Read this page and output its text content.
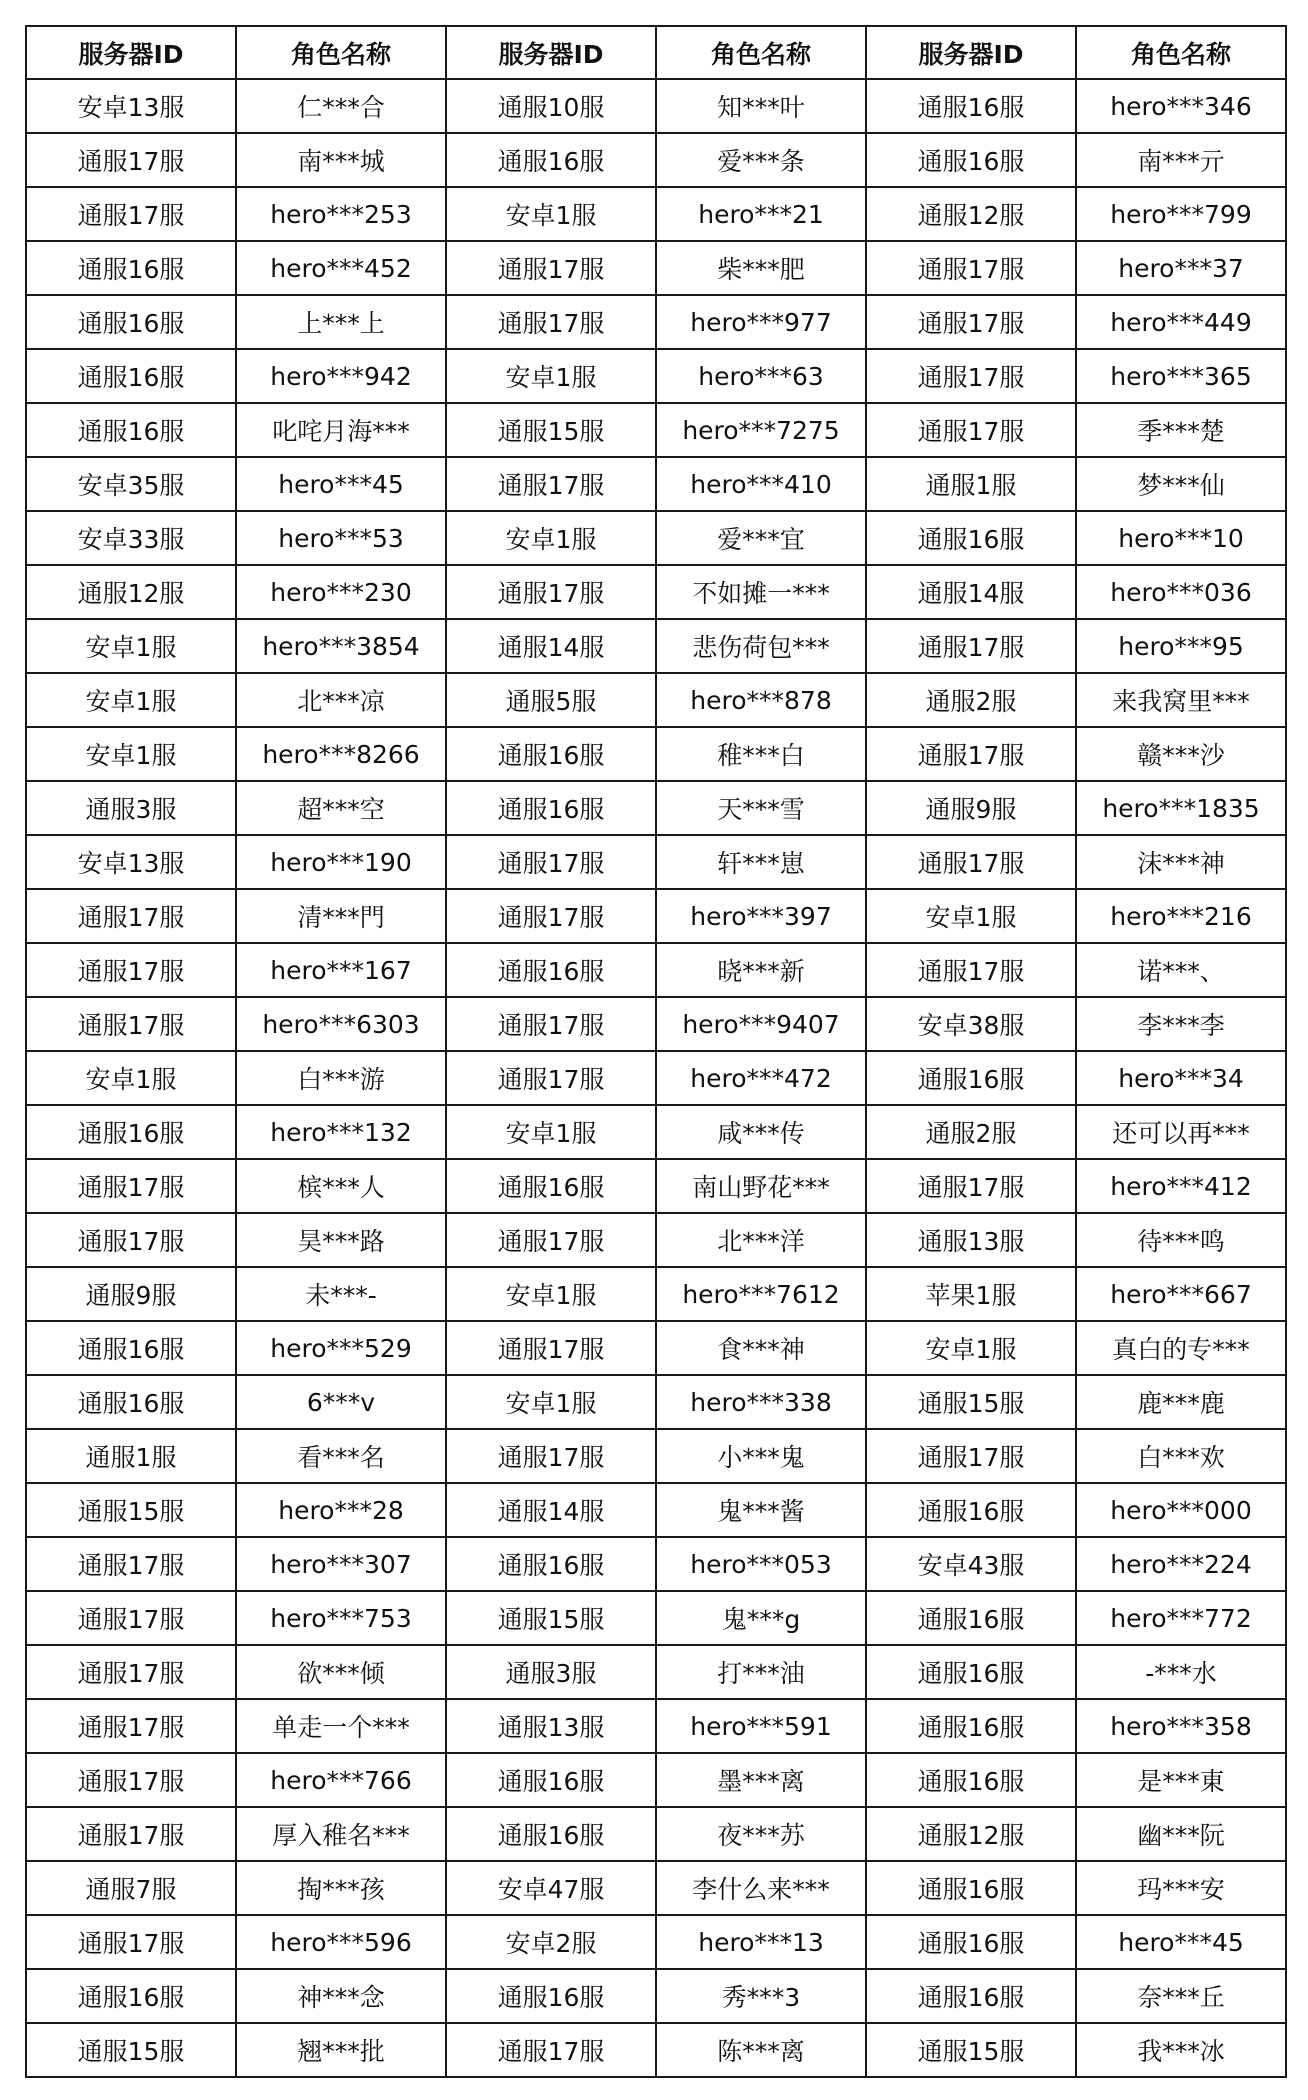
服务器ID	角色名称	服务器ID	角色名称	服务器ID	角色名称
安卓13服	仁***合	通服10服	知***叶	通服16服	hero***346
通服17服	南***城	通服16服	爱***条	通服16服	南***亓
通服17服	hero***253	安卓1服	hero***21	通服12服	hero***799
通服16服	hero***452	通服17服	柴***肥	通服17服	hero***37
通服16服	上***上	通服17服	hero***977	通服17服	hero***449
通服16服	hero***942	安卓1服	hero***63	通服17服	hero***365
通服16服	叱咤月海***	通服15服	hero***7275	通服17服	季***楚
安卓35服	hero***45	通服17服	hero***410	通服1服	梦***仙
安卓33服	hero***53	安卓1服	爱***宜	通服16服	hero***10
通服12服	hero***230	通服17服	不如摊一***	通服14服	hero***036
安卓1服	hero***3854	通服14服	悲伤荷包***	通服17服	hero***95
安卓1服	北***凉	通服5服	hero***878	通服2服	来我窝里***
安卓1服	hero***8266	通服16服	稚***白	通服17服	赣***沙
通服3服	超***空	通服16服	天***雪	通服9服	hero***1835
安卓13服	hero***190	通服17服	轩***崽	通服17服	沫***神
通服17服	清***門	通服17服	hero***397	安卓1服	hero***216
通服17服	hero***167	通服16服	晓***新	通服17服	诺***、
通服17服	hero***6303	通服17服	hero***9407	安卓38服	李***李
安卓1服	白***游	通服17服	hero***472	通服16服	hero***34
通服16服	hero***132	安卓1服	咸***传	通服2服	还可以再***
通服17服	槟***人	通服16服	南山野花***	通服17服	hero***412
通服17服	昊***路	通服17服	北***洋	通服13服	待***鸣
通服9服	未***-	安卓1服	hero***7612	苹果1服	hero***667
通服16服	hero***529	通服17服	食***神	安卓1服	真白的专***
通服16服	6***v	安卓1服	hero***338	通服15服	鹿***鹿
通服1服	看***名	通服17服	小***鬼	通服17服	白***欢
通服15服	hero***28	通服14服	鬼***酱	通服16服	hero***000
通服17服	hero***307	通服16服	hero***053	安卓43服	hero***224
通服17服	hero***753	通服15服	鬼***g	通服16服	hero***772
通服17服	欲***倾	通服3服	打***油	通服16服	-***水
通服17服	单走一个***	通服13服	hero***591	通服16服	hero***358
通服17服	hero***766	通服16服	墨***离	通服16服	是***東
通服17服	厚入稚名***	通服16服	夜***苏	通服12服	幽***阮
通服7服	掏***孩	安卓47服	李什么来***	通服16服	玛***安
通服17服	hero***596	安卓2服	hero***13	通服16服	hero***45
通服16服	神***念	通服16服	秀***3	通服16服	奈***丘
通服15服	翘***批	通服17服	陈***离	通服15服	我***冰
